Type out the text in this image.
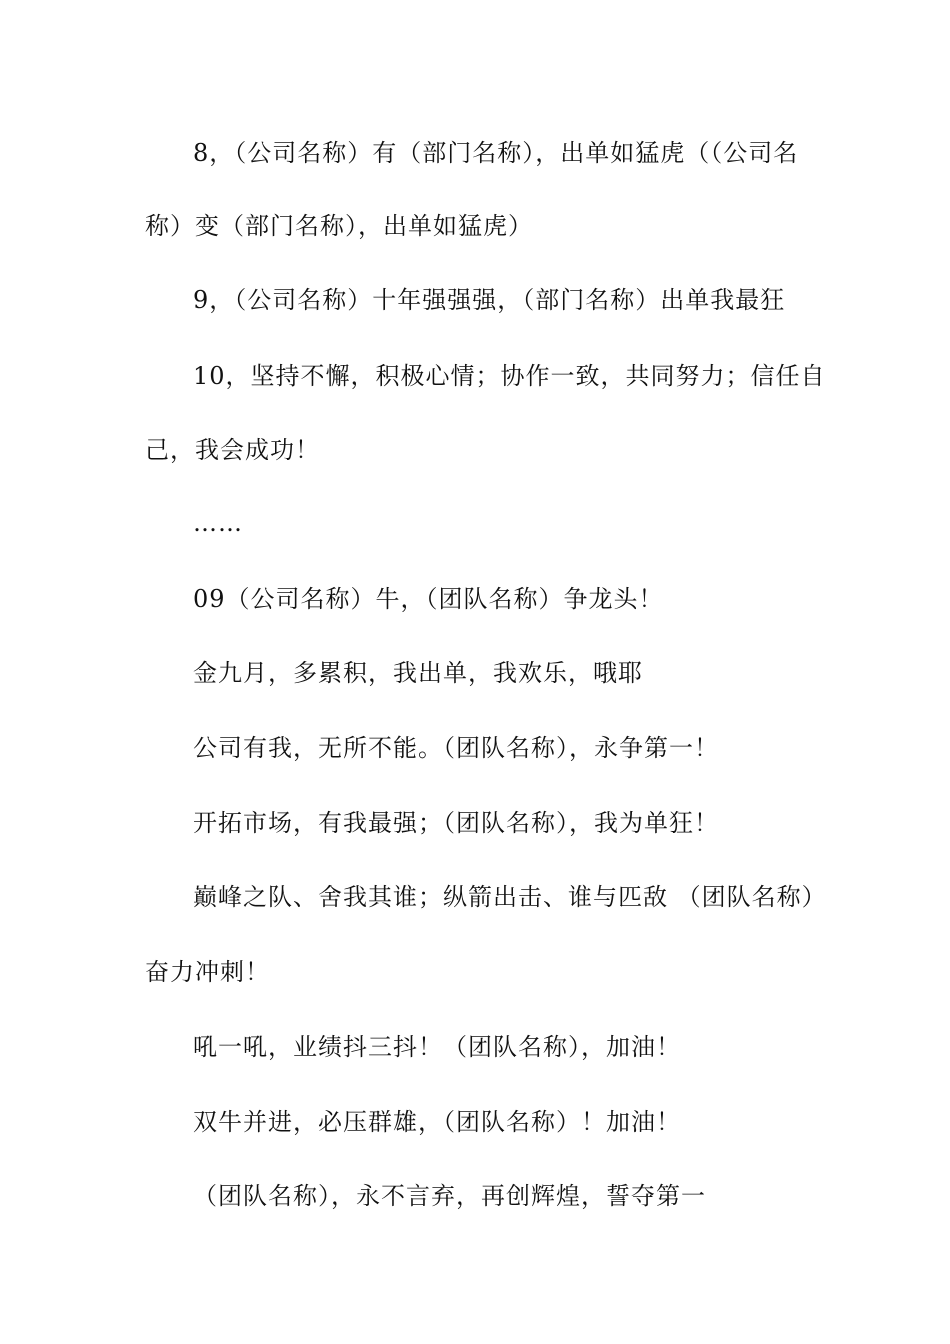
8，（公司名称）有（部门名称），出单如猛虎（（公司名
称）变（部门名称），出单如猛虎）
9，（公司名称）十年强强强，（部门名称）出单我最狂
10，坚持不懈，积极心情；协作一致，共同努力；信任自
己，我会成功！
……
09（公司名称）牛，（团队名称）争龙头！
金九月，多累积，我出单，我欢乐，哦耶
公司有我，无所不能。（团队名称），永争第一！
开拓市场，有我最强；（团队名称），我为单狂！
巅峰之队、舍我其谁；纵箭出击、谁与匹敌 （团队名称）
奋力冲刺！
吼一吼，业绩抖三抖！（团队名称），加油！
双牛并进，必压群雄，（团队名称）！加油！
（团队名称），永不言弃，再创辉煌，誓夺第一
